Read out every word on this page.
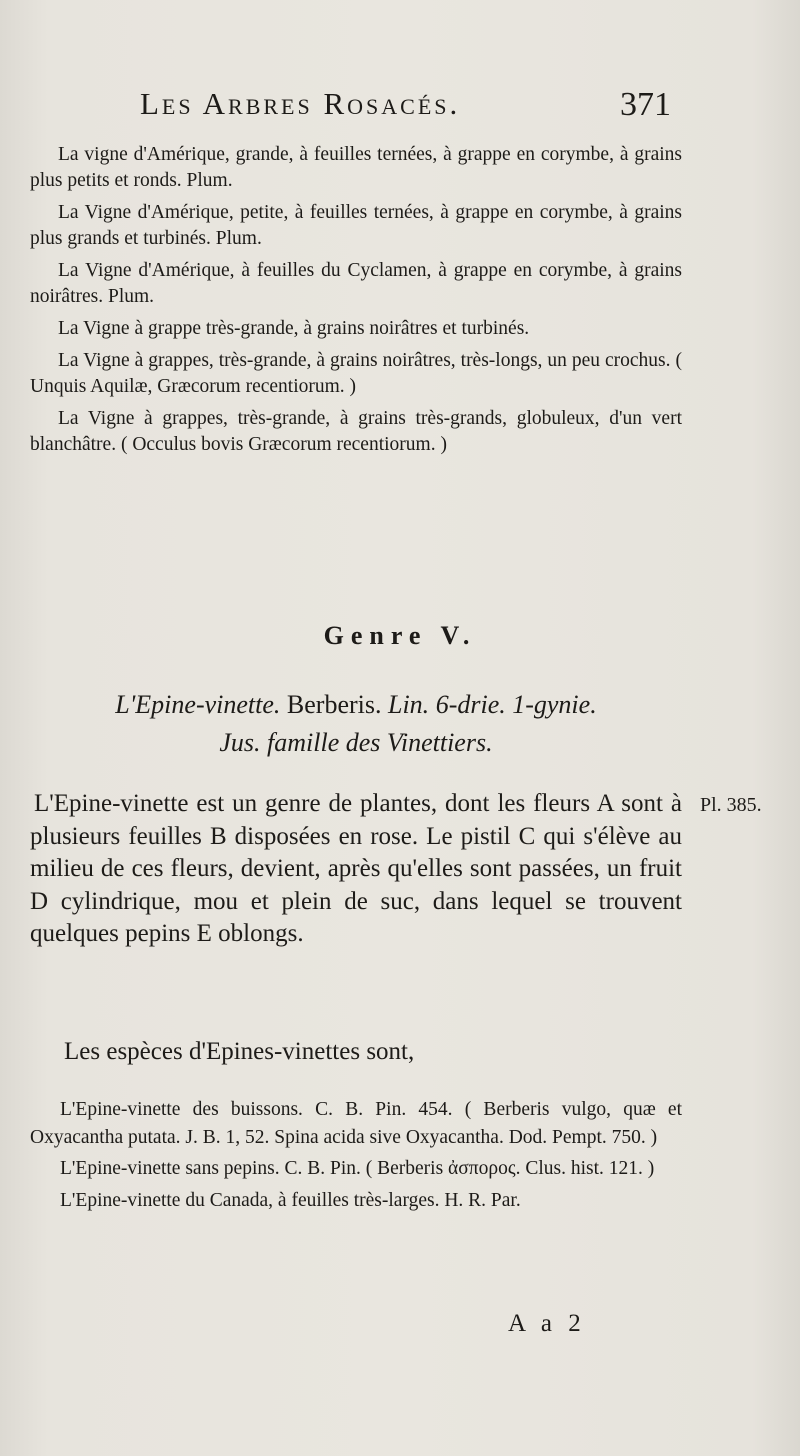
Les Arbres Rosacés.	371

La vigne d'Amérique, grande, à feuilles ternées, à grappe en corymbe, à grains plus petits et ronds. Plum.

La Vigne d'Amérique, petite, à feuilles ternées, à grappe en corymbe, à grains plus grands et turbinés. Plum.

La Vigne d'Amérique, à feuilles du Cyclamen, à grappe en corymbe, à grains noirâtres. Plum.

La Vigne à grappe très-grande, à grains noirâtres et turbinés.

La Vigne à grappes, très-grande, à grains noirâtres, très-longs, un peu crochus. ( Unquis Aquilæ, Græcorum recentiorum. )

La Vigne à grappes, très-grande, à grains très-grands, globuleux, d'un vert blanchâtre. ( Occulus bovis Græcorum recentiorum. )

Genre V.
L'Epine-vinette. Berberis. Lin. 6-drie. 1-gynie.
Jus. famille des Vinettiers.

L'Epine-vinette est un genre de plantes, dont les fleurs A sont à plusieurs feuilles B disposées en rose. Le pistil C qui s'élève au milieu de ces fleurs, devient, après qu'elles sont passées, un fruit D cylindrique, mou et plein de suc, dans lequel se trouvent quelques pepins E oblongs.

Pl. 385.
Les espèces d'Epines-vinettes sont,

L'Epine-vinette des buissons. C. B. Pin. 454. ( Berberis vulgo, quæ et Oxyacantha putata. J. B. 1, 52. Spina acida sive Oxyacantha. Dod. Pempt. 750. )

L'Epine-vinette sans pepins. C. B. Pin. ( Berberis ἀσπορος. Clus. hist. 121. )

L'Epine-vinette du Canada, à feuilles très-larges. H. R. Par.

A a 2
